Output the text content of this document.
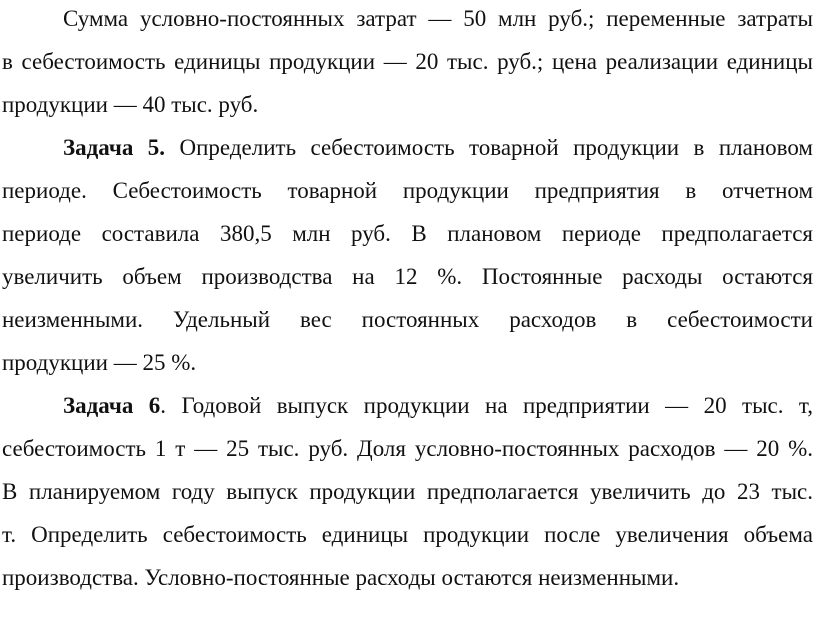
Сумма условно-постоянных затрат — 50 млн руб.; переменные затраты
в себестоимость единицы продукции — 20 тыс. руб.; цена реализации единицы
продукции — 40 тыс. руб.
Задача 5. Определить себестоимость товарной продукции в плановом
периоде. Себестоимость товарной продукции предприятия в отчетном
периоде составила 380,5 млн руб. В плановом периоде предполагается
увеличить объем производства на 12 %. Постоянные расходы остаются
неизменными. Удельный вес постоянных расходов в себестоимости
продукции — 25 %.
Задача 6. Годовой выпуск продукции на предприятии — 20 тыс. т,
себестоимость 1 т — 25 тыс. руб. Доля условно-постоянных расходов — 20 %.
В планируемом году выпуск продукции предполагается увеличить до 23 тыс.
т. Определить себестоимость единицы продукции после увеличения объема
производства. Условно-постоянные расходы остаются неизменными.
